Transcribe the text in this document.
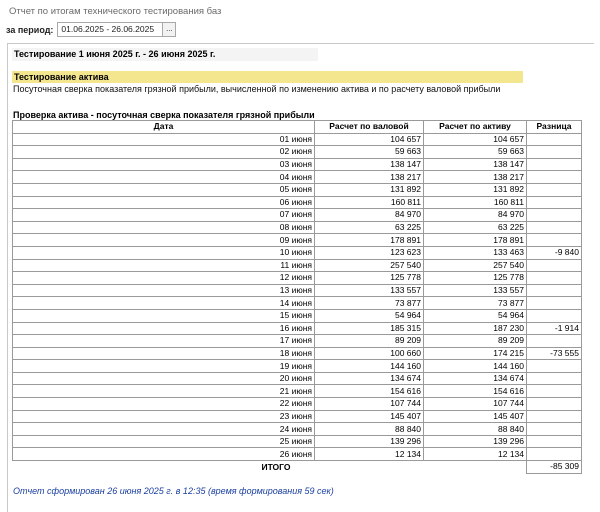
Отчет по итогам технического тестирования баз
за период: 01.06.2025 - 26.06.2025	...
Тестирование 1 июня 2025 г. - 26 июня 2025 г.
Тестирование актива
Посуточная сверка показателя грязной прибыли, вычисленной по изменению актива и по расчету валовой прибыли
Проверка актива - посуточная сверка показателя грязной прибыли
Дата	Расчет по валовой	Расчет по активу	Разница
01 июня	104 657	104 657	
02 июня	59 663	59 663	
03 июня	138 147	138 147	
04 июня	138 217	138 217	
05 июня	131 892	131 892	
06 июня	160 811	160 811	
07 июня	84 970	84 970	
08 июня	63 225	63 225	
09 июня	178 891	178 891	
10 июня	123 623	133 463	-9 840
11 июня	257 540	257 540	
12 июня	125 778	125 778	
13 июня	133 557	133 557	
14 июня	73 877	73 877	
15 июня	54 964	54 964	
16 июня	185 315	187 230	-1 914
17 июня	89 209	89 209	
18 июня	100 660	174 215	-73 555
19 июня	144 160	144 160	
20 июня	134 674	134 674	
21 июня	154 616	154 616	
22 июня	107 744	107 744	
23 июня	145 407	145 407	
24 июня	88 840	88 840	
25 июня	139 296	139 296	
26 июня	12 134	12 134	
ИТОГО			-85 309
Отчет сформирован 26 июня 2025 г. в 12:35 (время формирования 59 сек)
